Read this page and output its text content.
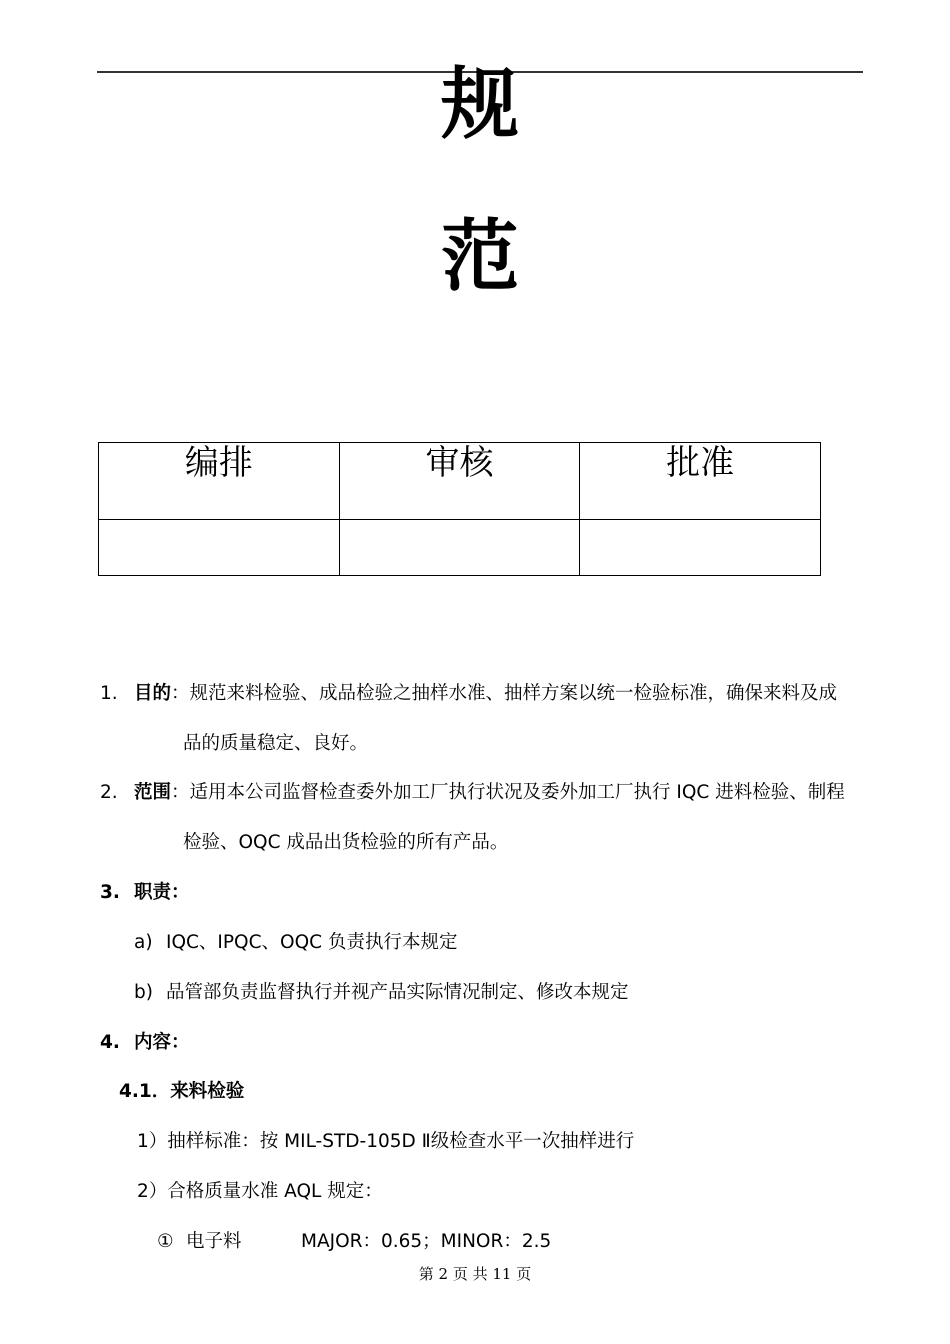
规
范
编排	审核	批准

1. 目的：规范来料检验、成品检验之抽样水准、抽样方案以统一检验标准，确保来料及成
品的质量稳定、良好。
2. 范围：适用本公司监督检查委外加工厂执行状况及委外加工厂执行 IQC 进料检验、制程
检验、OQC 成品出货检验的所有产品。
3. 职责：
a) IQC、IPQC、OQC 负责执行本规定
b) 品管部负责监督执行并视产品实际情况制定、修改本规定
4. 内容：
4.1．来料检验
1）抽样标准：按 MIL-STD-105D Ⅱ级检查水平一次抽样进行
2）合格质量水准 AQL 规定：
① 电子料	MAJOR：0.65；MINOR：2.5
第 2 页 共 11 页
